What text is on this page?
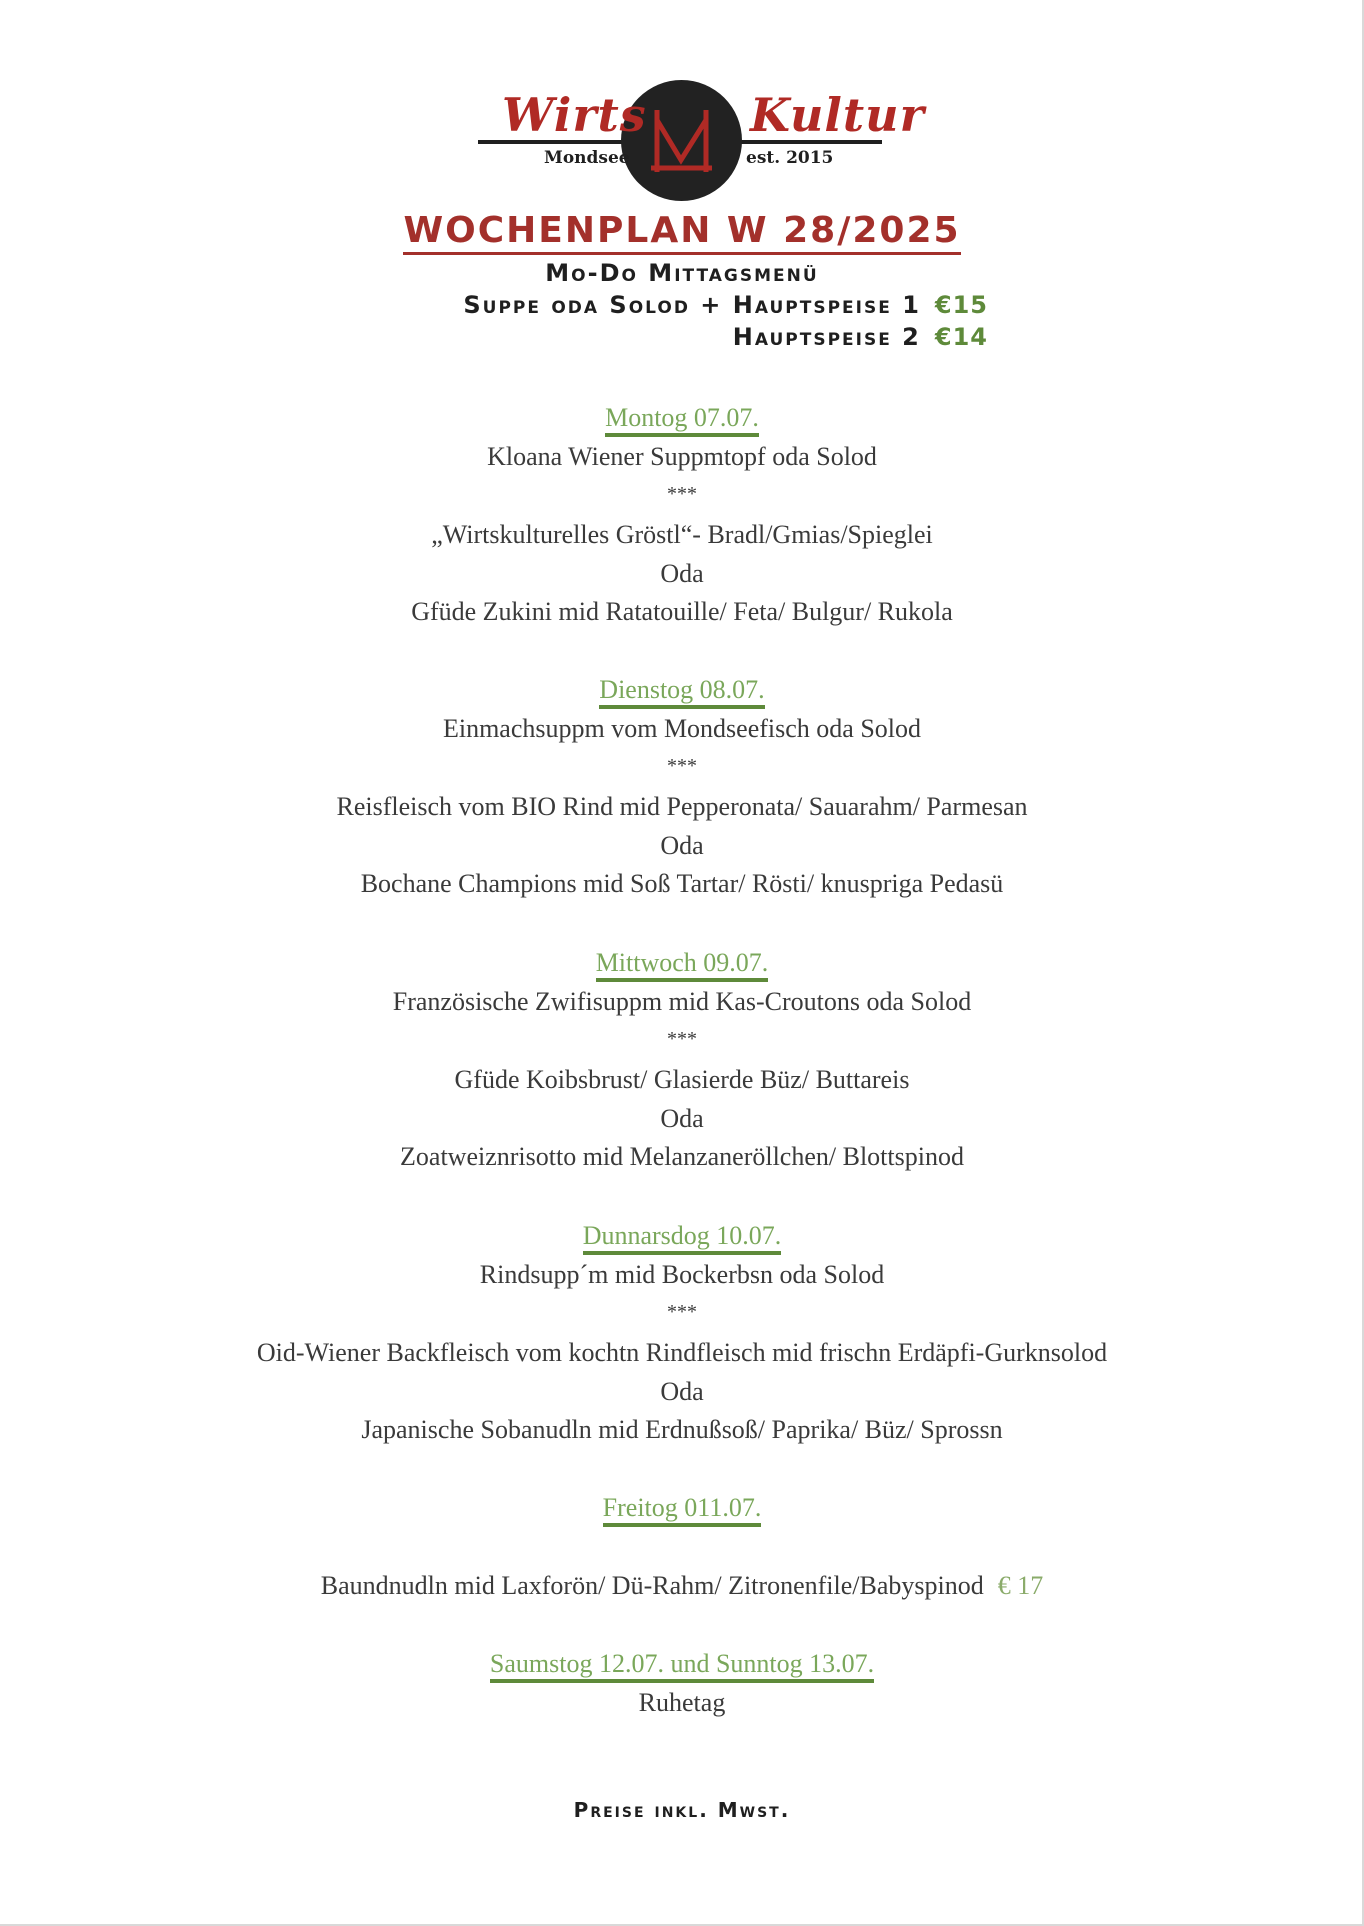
Wirts Kultur
Mondsee	est. 2015
WOCHENPLAN W 28/2025
Mo-Do Mittagsmenü
Suppe oda Solod + Hauptspeise 1 €15
Hauptspeise 2 €14
Montog 07.07.
Kloana Wiener Suppmtopf oda Solod
***
„Wirtskulturelles Gröstl“- Bradl/Gmias/Spieglei
Oda
Gfüde Zukini mid Ratatouille/ Feta/ Bulgur/ Rukola
Dienstog 08.07.
Einmachsuppm vom Mondseefisch oda Solod
***
Reisfleisch vom BIO Rind mid Pepperonata/ Sauarahm/ Parmesan
Oda
Bochane Champions mid Soß Tartar/ Rösti/ knuspriga Pedasü
Mittwoch 09.07.
Französische Zwifisuppm mid Kas-Croutons oda Solod
***
Gfüde Koibsbrust/ Glasierde Büz/ Buttareis
Oda
Zoatweiznrisotto mid Melanzaneröllchen/ Blottspinod
Dunnarsdog 10.07.
Rindsupp´m mid Bockerbsn oda Solod
***
Oid-Wiener Backfleisch vom kochtn Rindfleisch mid frischn Erdäpfi-Gurknsolod
Oda
Japanische Sobanudln mid Erdnußsoß/ Paprika/ Büz/ Sprossn
Freitog 011.07.
Baundnudln mid Laxforön/ Dü-Rahm/ Zitronenfile/Babyspinod € 17
Saumstog 12.07. und Sunntog 13.07.
Ruhetag
Preise inkl. Mwst.
